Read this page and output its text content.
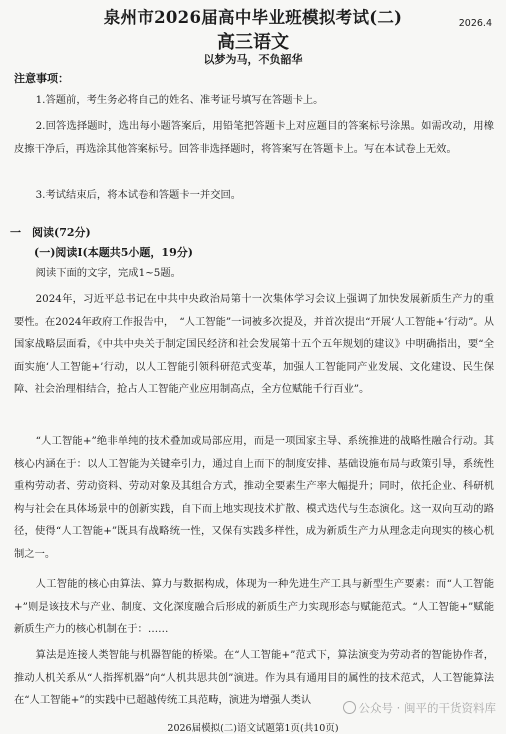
泉州市2026届高中毕业班模拟考试(二)	2026.4
高三语文
以梦为马，不负韶华
注意事项：
1.答题前，考生务必将自己的姓名、准考证号填写在答题卡上。
2.回答选择题时，选出每小题答案后，用铅笔把答题卡上对应题目的答案标号涂黑。如需改动，用橡皮擦干净后，再选涂其他答案标号。回答非选择题时，将答案写在答题卡上。写在本试卷上无效。
3.考试结束后，将本试卷和答题卡一并交回。
一　阅读(72分)
(一)阅读Ⅰ(本题共5小题，19分)
阅读下面的文字，完成1~5题。
2024年，习近平总书记在中共中央政治局第十一次集体学习会议上强调了加快发展新质生产力的重要性。在2024年政府工作报告中，　“人工智能”一词被多次提及，并首次提出“开展‘人工智能+’行动”。从国家战略层面看，《中共中央关于制定国民经济和社会发展第十五个五年规划的建议》中明确指出，要“全面实施‘人工智能+’行动，以人工智能引领科研范式变革，加强人工智能同产业发展、文化建设、民生保障、社会治理相结合，抢占人工智能产业应用制高点，全方位赋能千行百业”。
“人工智能+”绝非单纯的技术叠加或局部应用，而是一项国家主导、系统推进的战略性融合行动。其核心内涵在于：以人工智能为关键牵引力，通过自上而下的制度安排、基础设施布局与政策引导，系统性重构劳动者、劳动资料、劳动对象及其组合方式，推动全要素生产率大幅提升；同时，依托企业、科研机构与社会在具体场景中的创新实践，自下而上地实现技术扩散、模式迭代与生态演化。这一双向互动的路径，使得“人工智能+”既具有战略统一性，又保有实践多样性，成为新质生产力从理念走向现实的核心机制之一。
人工智能的核心由算法、算力与数据构成，体现为一种先进生产工具与新型生产要素：而“人工智能+”则是该技术与产业、制度、文化深度融合后形成的新质生产力实现形态与赋能范式。“人工智能+”赋能新质生产力的核心机制在于：……
算法是连接人类智能与机器智能的桥梁。在“人工智能+”范式下，算法演变为劳动者的智能协作者，推动人机关系从“人指挥机器”向“人机共思共创”演进。作为具有通用目的属性的技术范式，人工智能算法在“人工智能+”的实践中已超越传统工具范畴，演进为增强人类认
公众号 · 闽平的干货资料库
2026届模拟(二)语文试题第1页(共10页)
